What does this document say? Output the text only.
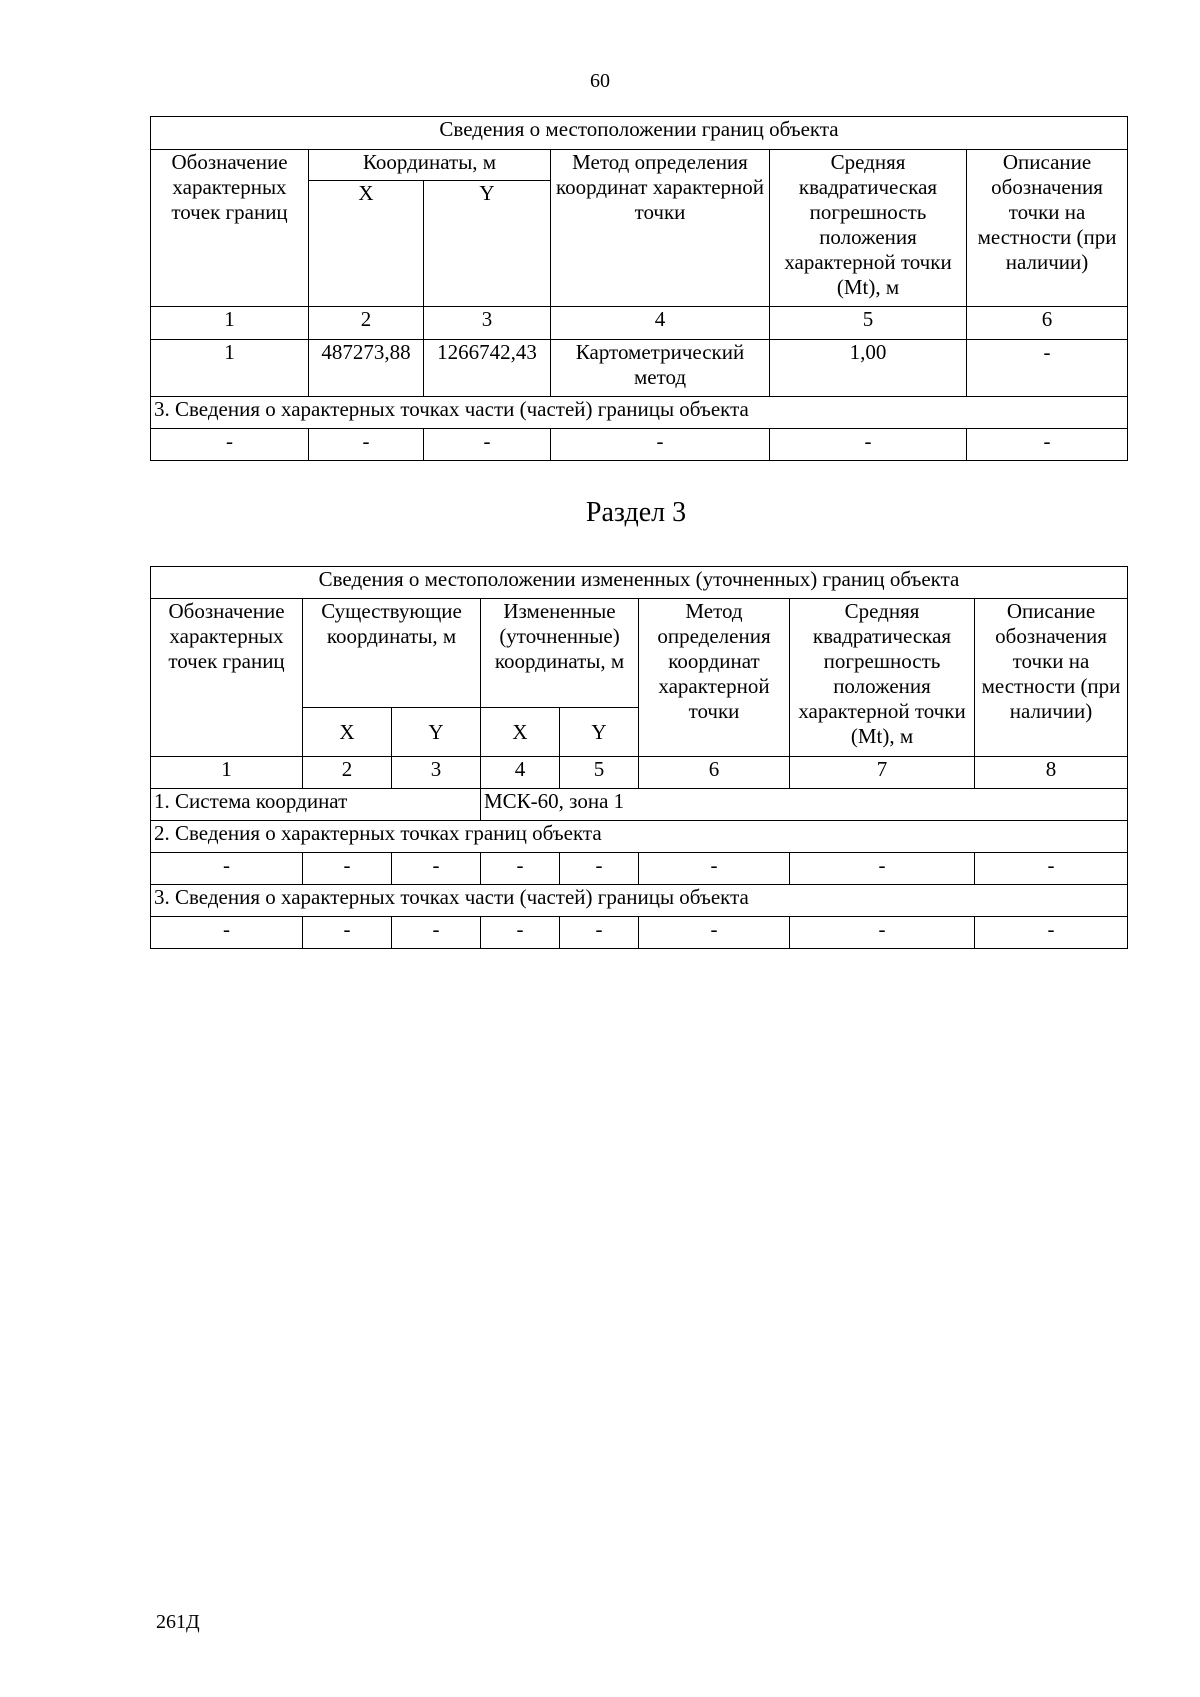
60
Сведения о местоположении границ объекта					
Обозначение характерных точек границ	Координаты, м		Метод определения координат характерной точки	Средняя квадратическая погрешность положения характерной точки (Mt), м	Описание обозначения точки на местности (при наличии)
	X	Y			
1	2	3	4	5	6
1	487273,88	1266742,43	Картометрический метод	1,00	-
3. Сведения о характерных точках части (частей) границы объекта					
-	-	-	-	-	-
Раздел 3
Сведения о местоположении измененных (уточненных) границ объекта							
Обозначение характерных точек границ	Существующие координаты, м		Измененные (уточненные) координаты, м		Метод определения координат характерной точки	Средняя квадратическая погрешность положения характерной точки (Mt), м	Описание обозначения точки на местности (при наличии)
	X	Y	X	Y			
1	2	3	4	5	6	7	8
1. Система координат			МСК-60, зона 1				
2. Сведения о характерных точках границ объекта							
-	-	-	-	-	-	-	-
3. Сведения о характерных точках части (частей) границы объекта							
-	-	-	-	-	-	-	-
261Д
